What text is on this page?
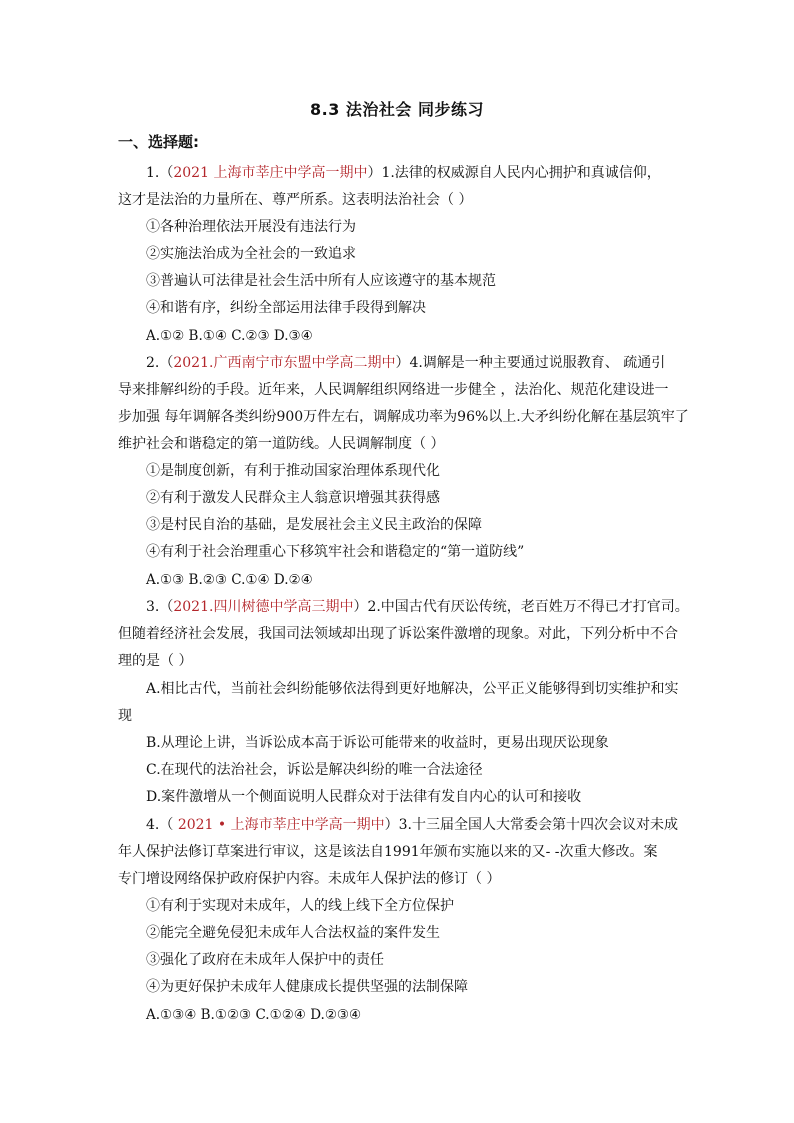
8.3 法治社会 同步练习
一、选择题:
1.（2021 上海市莘庄中学高一期中）1.法律的权威源自人民内心拥护和真诚信仰，
这才是法治的力量所在、尊严所系。这表明法治社会（ ）
①各种治理依法开展没有违法行为
②实施法治成为全社会的一致追求
③普遍认可法律是社会生活中所有人应该遵守的基本规范
④和谐有序，纠纷全部运用法律手段得到解决
A.①② B.①④ C.②③ D.③④
2.（2021.广西南宁市东盟中学高二期中）4.调解是一种主要通过说服教育、 疏通引
导来排解纠纷的手段。近年来，人民调解组织网络进一步健全 ，法治化、规范化建设进一
步加强 每年调解各类纠纷900万件左右，调解成功率为96%以上.大矛纠纷化解在基层筑牢了
维护社会和谐稳定的第一道防线。人民调解制度（ ）
①是制度创新，有利于推动国家治理体系现代化
②有利于激发人民群众主人翁意识增强其获得感
③是村民自治的基础，是发展社会主义民主政治的保障
④有利于社会治理重心下移筑牢社会和谐稳定的“第一道防线”
A.①③ B.②③ C.①④ D.②④
3.（2021.四川树德中学高三期中）2.中国古代有厌讼传统，老百姓万不得已才打官司。
但随着经济社会发展，我国司法领域却出现了诉讼案件激增的现象。对此，下列分析中不合
理的是（ ）
A.相比古代，当前社会纠纷能够依法得到更好地解决，公平正义能够得到切实维护和实
现
B.从理论上讲，当诉讼成本高于诉讼可能带来的收益时，更易出现厌讼现象
C.在现代的法治社会，诉讼是解决纠纷的唯一合法途径
D.案件激增从一个侧面说明人民群众对于法律有发自内心的认可和接收
4.（ 2021 • 上海市莘庄中学高一期中）3.十三届全国人大常委会第十四次会议对未成
年人保护法修订草案进行审议，这是该法自1991年颁布实施以来的又- -次重大修改。案
专门增设网络保护政府保护内容。未成年人保护法的修订（ ）
①有利于实现对未成年，人的线上线下全方位保护
②能完全避免侵犯未成年人合法权益的案件发生
③强化了政府在未成年人保护中的责任
④为更好保护未成年人健康成长提供坚强的法制保障
A.①③④ B.①②③ C.①②④ D.②③④
